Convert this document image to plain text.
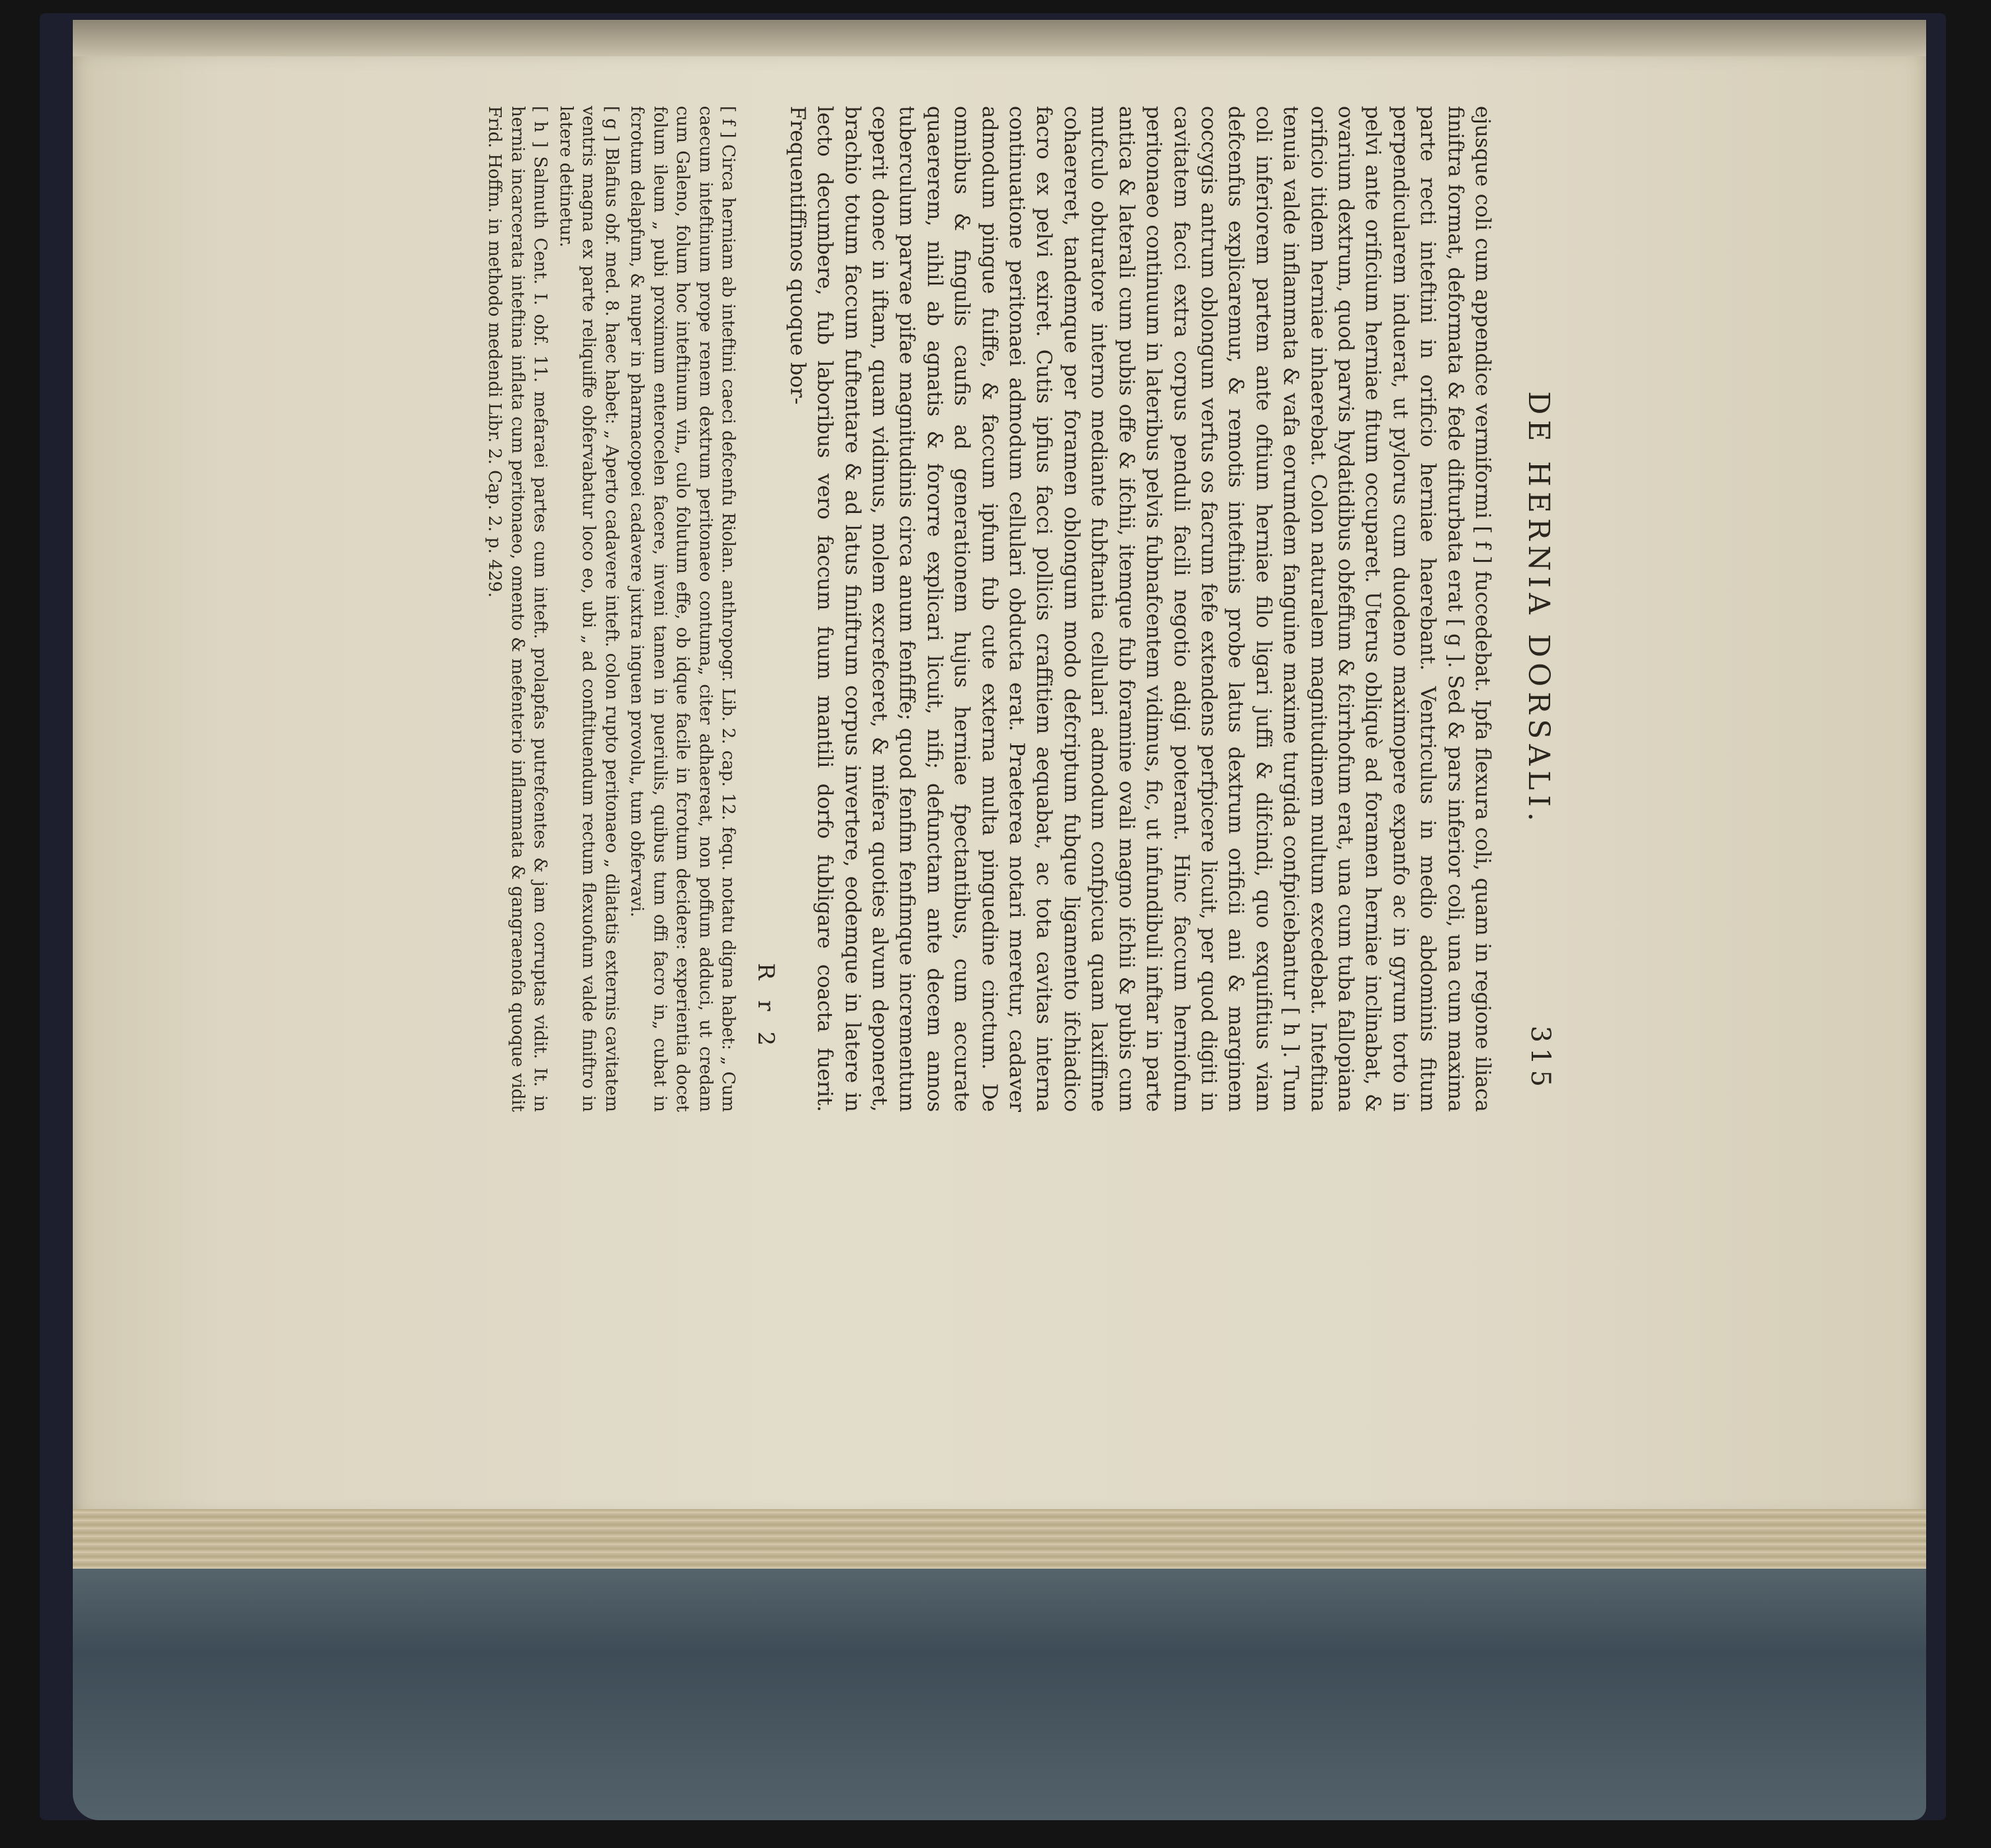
DE HERNIA DORSALI.
315

ejusque coli cum appendice vermiformi [ f ] fuccedebat. Ipfa flexura coli, quam in regione iliaca finiftra format, deformata & fede difturbata erat [ g ]. Sed & pars inferior coli, una cum maxima parte recti inteftini in orificio herniae haerebant. Ventriculus in medio abdominis fitum perpendicularem induerat, ut pylorus cum duodeno maximopere expanfo ac in gyrum torto in pelvi ante orificium herniae fitum occuparet. Uterus obliquè ad foramen herniae inclinabat, & ovarium dextrum, quod parvis hydatidibus obfeffum & fcirrhofum erat, una cum tuba fallopiana orificio itidem herniae inhaerebat. Colon naturalem magnitudinem multum excedebat. Inteftina tenuia valde inflammata & vafa eorumdem fanguine maxime turgida confpiciebantur [ h ]. Tum coli inferiorem partem ante oftium herniae filo ligari juffi & difcindi, quo exquifitius viam defcenfus explicaremur, & remotis inteftinis probe latus dextrum orificii ani & marginem coccygis antrum oblongum verfus os facrum fefe extendens perfpicere licuit, per quod digiti in cavitatem facci extra corpus penduli facili negotio adigi poterant. Hinc faccum herniofum peritonaeo continuum in lateribus pelvis fubnafcentem vidimus, fic, ut infundibuli inftar in parte antica & laterali cum pubis offe & ifchii, itemque fub foramine ovali magno ifchii & pubis cum mufculo obturatore interno mediante fubftantia cellulari admodum confpicua quam laxiffime cohaereret, tandemque per foramen oblongum modo defcriptum fubque ligamento ifchiadico facro ex pelvi exiret. Cutis ipfius facci pollicis craffitiem aequabat, ac tota cavitas interna continuatione peritonaei admodum cellulari obducta erat. Praeterea notari meretur, cadaver admodum pingue fuiffe, & faccum ipfum fub cute externa multa pinguedine cinctum. De omnibus & fingulis caufis ad generationem hujus herniae fpectantibus, cum accurate quaererem, nihil ab agnatis & fororre explicari licuit, nifi; defunctam ante decem annos tuberculum parvae pifae magnitudinis circa anum fenfiffe; quod fenfim fenfimque incrementum ceperit donec in iftam, quam vidimus, molem excrefceret, & mifera quoties alvum deponeret, brachio totum faccum fuftentare & ad latus finiftrum corpus invertere, eodemque in latere in lecto decumbere, fub laboribus vero faccum fuum mantili dorfo fubligare coacta fuerit. Frequentiffimos quoque bor-

R r 2

[ f ] Circa herniam ab inteftini caeci defcenfu Riolan. anthropogr. Lib. 2. cap. 12. fequ. notatu digna habet: „ Cum caecum inteftinum prope renem dextrum peritonaeo contuma„ citer adhaereat, non poffum adduci, ut credam cum Galeno, folum hoc inteftinum vin„ culo folutum effe, ob idque facile in fcrotum decidere: experientia docet folum ileum „ pubi proximum enterocelen facere, inveni tamen in pueriulis, quibus tum offi facro in„ cubat in fcrotum delapfum, & nuper in pharmacopoei cadavere juxtra inguen provolu„ tum obfervavi.

[ g ] Blafius obf. med. 8. haec habet: „ Aperto cadavere inteft. colon rupto peritonaeo „ dilatatis externis cavitatem ventris magna ex parte reliquiffe obfervabatur loco eo, ubi „ ad conftituendum rectum flexuofum valde finiftro in latere detinetur.

[ h ] Salmuth Cent. I. obf. 11. mefaraei partes cum inteft. prolapfas putrefcentes & jam corruptas vidit. It. in hernia incarcerata inteftina inflata cum peritonaeo, omento & mefenterio inflammata & gangraenofa quoque vidit Frid. Hoffm. in methodo medendi Libr. 2. Cap. 2. p. 429.
